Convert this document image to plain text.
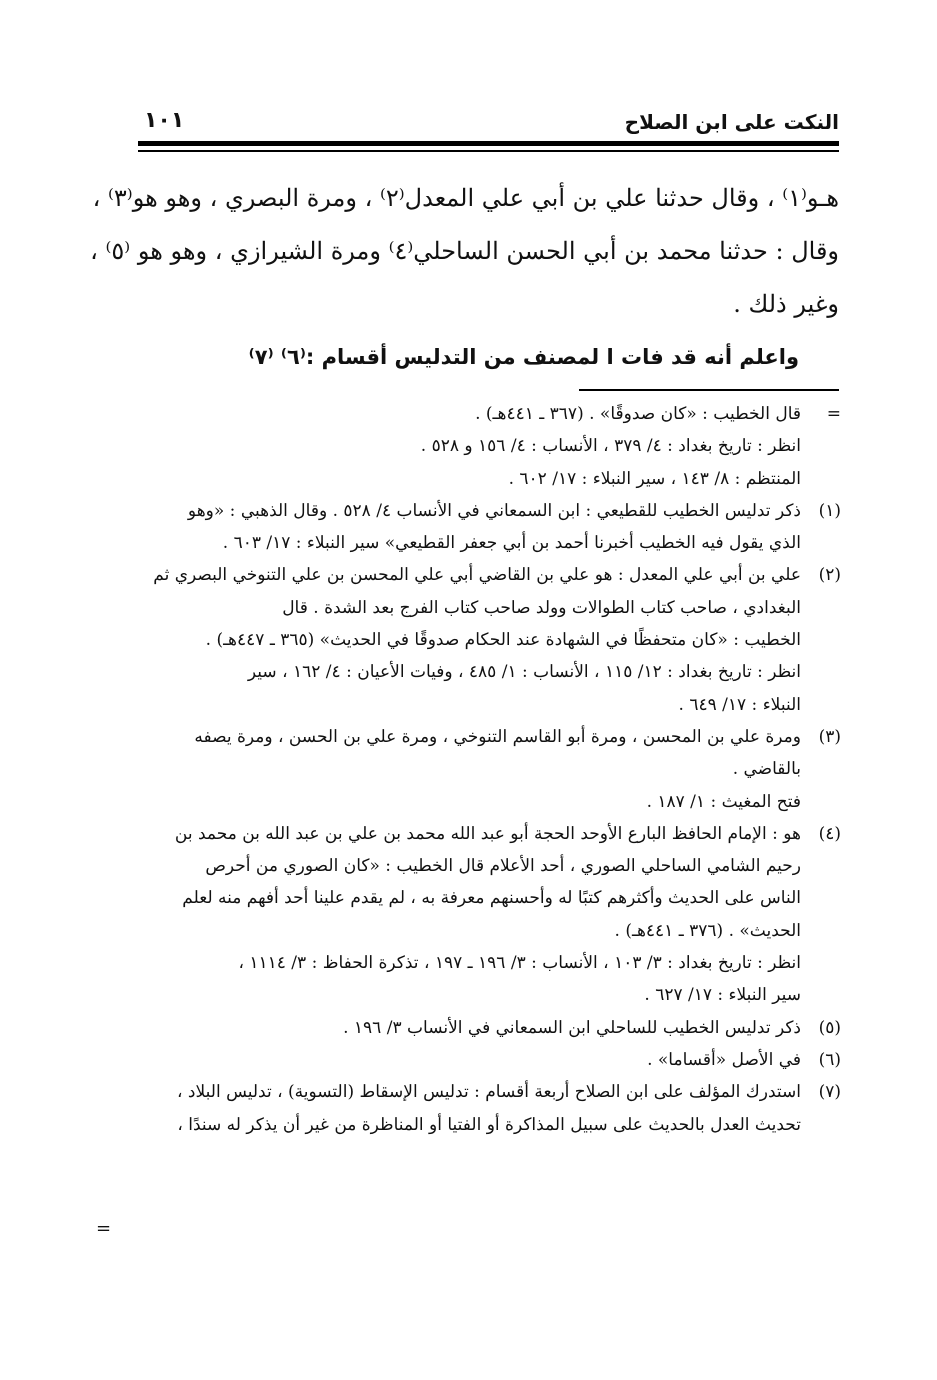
النكت على ابن الصلاح
١٠١
هـو⁽١⁾ ، وقال حدثنا علي بن أبي علي المعدل⁽٢⁾ ، ومرة البصري ، وهو هو⁽٣⁾ ،
وقال : حدثنا محمد بن أبي الحسن الساحلي⁽٤⁾ ومرة الشيرازي ، وهو هو ⁽٥⁾ ،
وغير ذلك .
واعلم أنه قد فات ا لمصنف من التدليس أقسام :⁽٦⁾ ⁽٧⁾
=
قال الخطيب : «كان صدوقًا» . (٣٦٧ ـ ٤٤١هـ) .
انظر : تاريخ بغداد : ٤/ ٣٧٩ ، الأنساب : ٤/ ١٥٦ و ٥٢٨ .
المنتظم : ٨/ ١٤٣ ، سير النبلاء : ١٧/ ٦٠٢ .
(١)
ذكر تدليس الخطيب للقطيعي : ابن السمعاني في الأنساب ٤/ ٥٢٨ . وقال الذهبي : «وهو
الذي يقول فيه الخطيب أخبرنا أحمد بن أبي جعفر القطيعي» سير النبلاء : ١٧/ ٦٠٣ .
(٢)
علي بن أبي علي المعدل : هو علي بن القاضي أبي علي المحسن بن علي التنوخي البصري ثم
البغدادي ، صاحب كتاب الطوالات وولد صاحب كتاب الفرج بعد الشدة . قال
الخطيب : «كان متحفظًا في الشهادة عند الحكام صدوقًا في الحديث» (٣٦٥ ـ ٤٤٧هـ) .
انظر : تاريخ بغداد : ١٢/ ١١٥ ، الأنساب : ١/ ٤٨٥ ، وفيات الأعيان : ٤/ ١٦٢ ، سير
النبلاء : ١٧/ ٦٤٩ .
(٣)
ومرة علي بن المحسن ، ومرة أبو القاسم التنوخي ، ومرة علي بن الحسن ، ومرة يصفه
بالقاضي .
فتح المغيث : ١/ ١٨٧ .
(٤)
هو : الإمام الحافظ البارع الأوحد الحجة أبو عبد الله محمد بن علي بن عبد الله بن محمد بن
رحيم الشامي الساحلي الصوري ، أحد الأعلام قال الخطيب : «كان الصوري من أحرص
الناس على الحديث وأكثرهم كتبًا له وأحسنهم معرفة به ، لم يقدم علينا أحد أفهم منه لعلم
الحديث» . (٣٧٦ ـ ٤٤١هـ) .
انظر : تاريخ بغداد : ٣/ ١٠٣ ، الأنساب : ٣/ ١٩٦ ـ ١٩٧ ، تذكرة الحفاظ : ٣/ ١١١٤ ،
سير النبلاء : ١٧/ ٦٢٧ .
(٥)
ذكر تدليس الخطيب للساحلي ابن السمعاني في الأنساب ٣/ ١٩٦ .
(٦)
في الأصل «أقساما» .
(٧)
استدرك المؤلف على ابن الصلاح أربعة أقسام : تدليس الإسقاط (التسوية) ، تدليس البلاد ،
تحديث العدل بالحديث على سبيل المذاكرة أو الفتيا أو المناظرة من غير أن يذكر له سندًا ،
=
